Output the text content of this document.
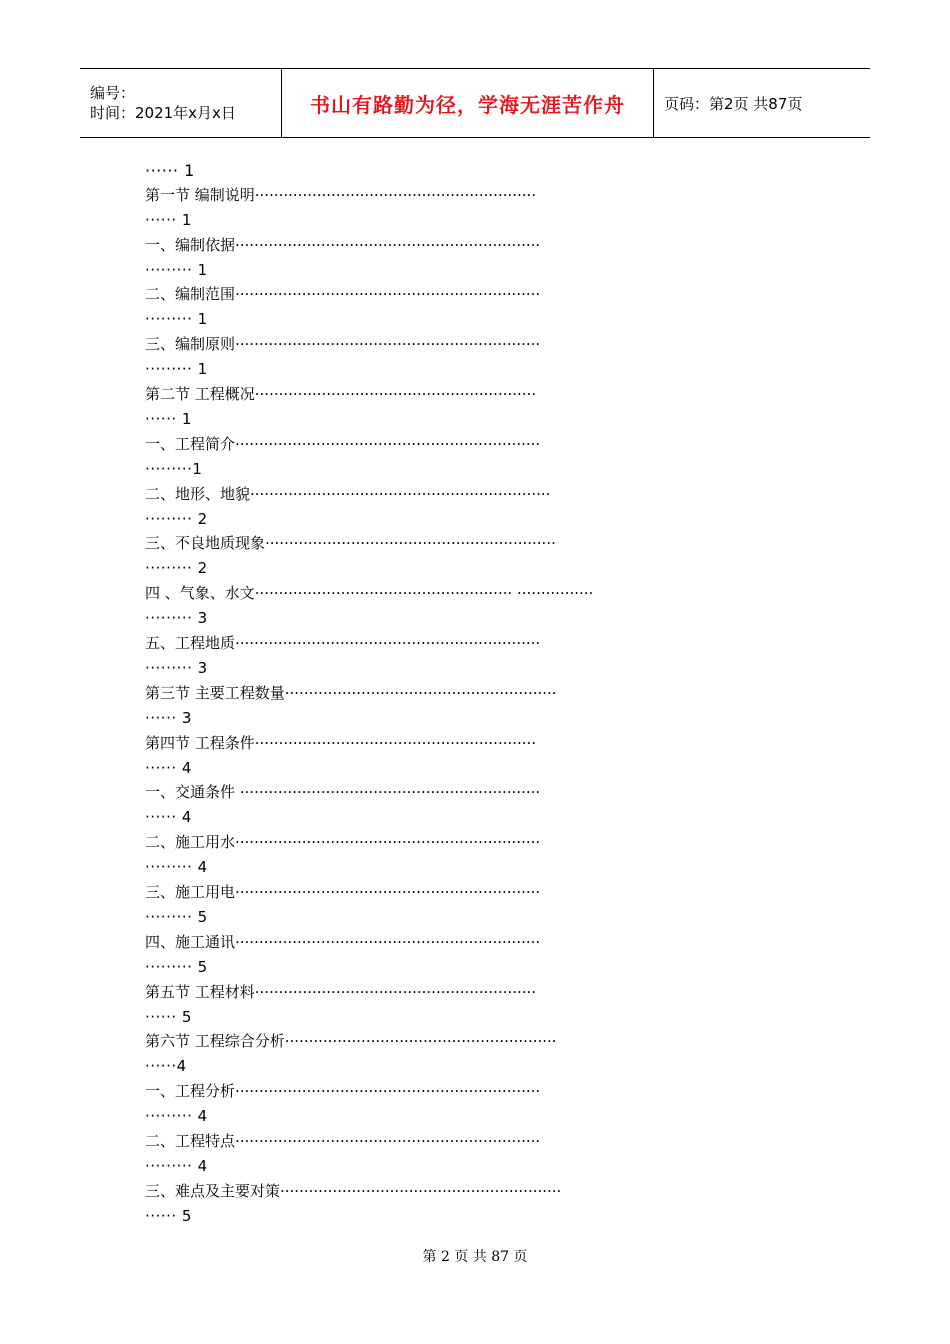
编号：
时间：2021年x月x日	书山有路勤为径，学海无涯苦作舟	页码：第2页 共87页
······ 1
第一节 编制说明···························································
······ 1
一、编制依据································································
········· 1
二、编制范围································································
········· 1
三、编制原则································································
········· 1
第二节 工程概况···························································
······ 1
一、工程简介································································
·········1
二、地形、地貌·······························································
········· 2
三、不良地质现象·····························································
········· 2
四 、气象、水文······················································ ················
········· 3
五、工程地质································································
········· 3
第三节 主要工程数量·························································
······ 3
第四节 工程条件···························································
······ 4
一、交通条件 ·······························································
······ 4
二、施工用水································································
········· 4
三、施工用电································································
········· 5
四、施工通讯································································
········· 5
第五节 工程材料···························································
······ 5
第六节 工程综合分析·························································
······4
一、工程分析································································
········· 4
二、工程特点································································
········· 4
三、难点及主要对策···························································
······ 5
第 2 页 共 87 页
